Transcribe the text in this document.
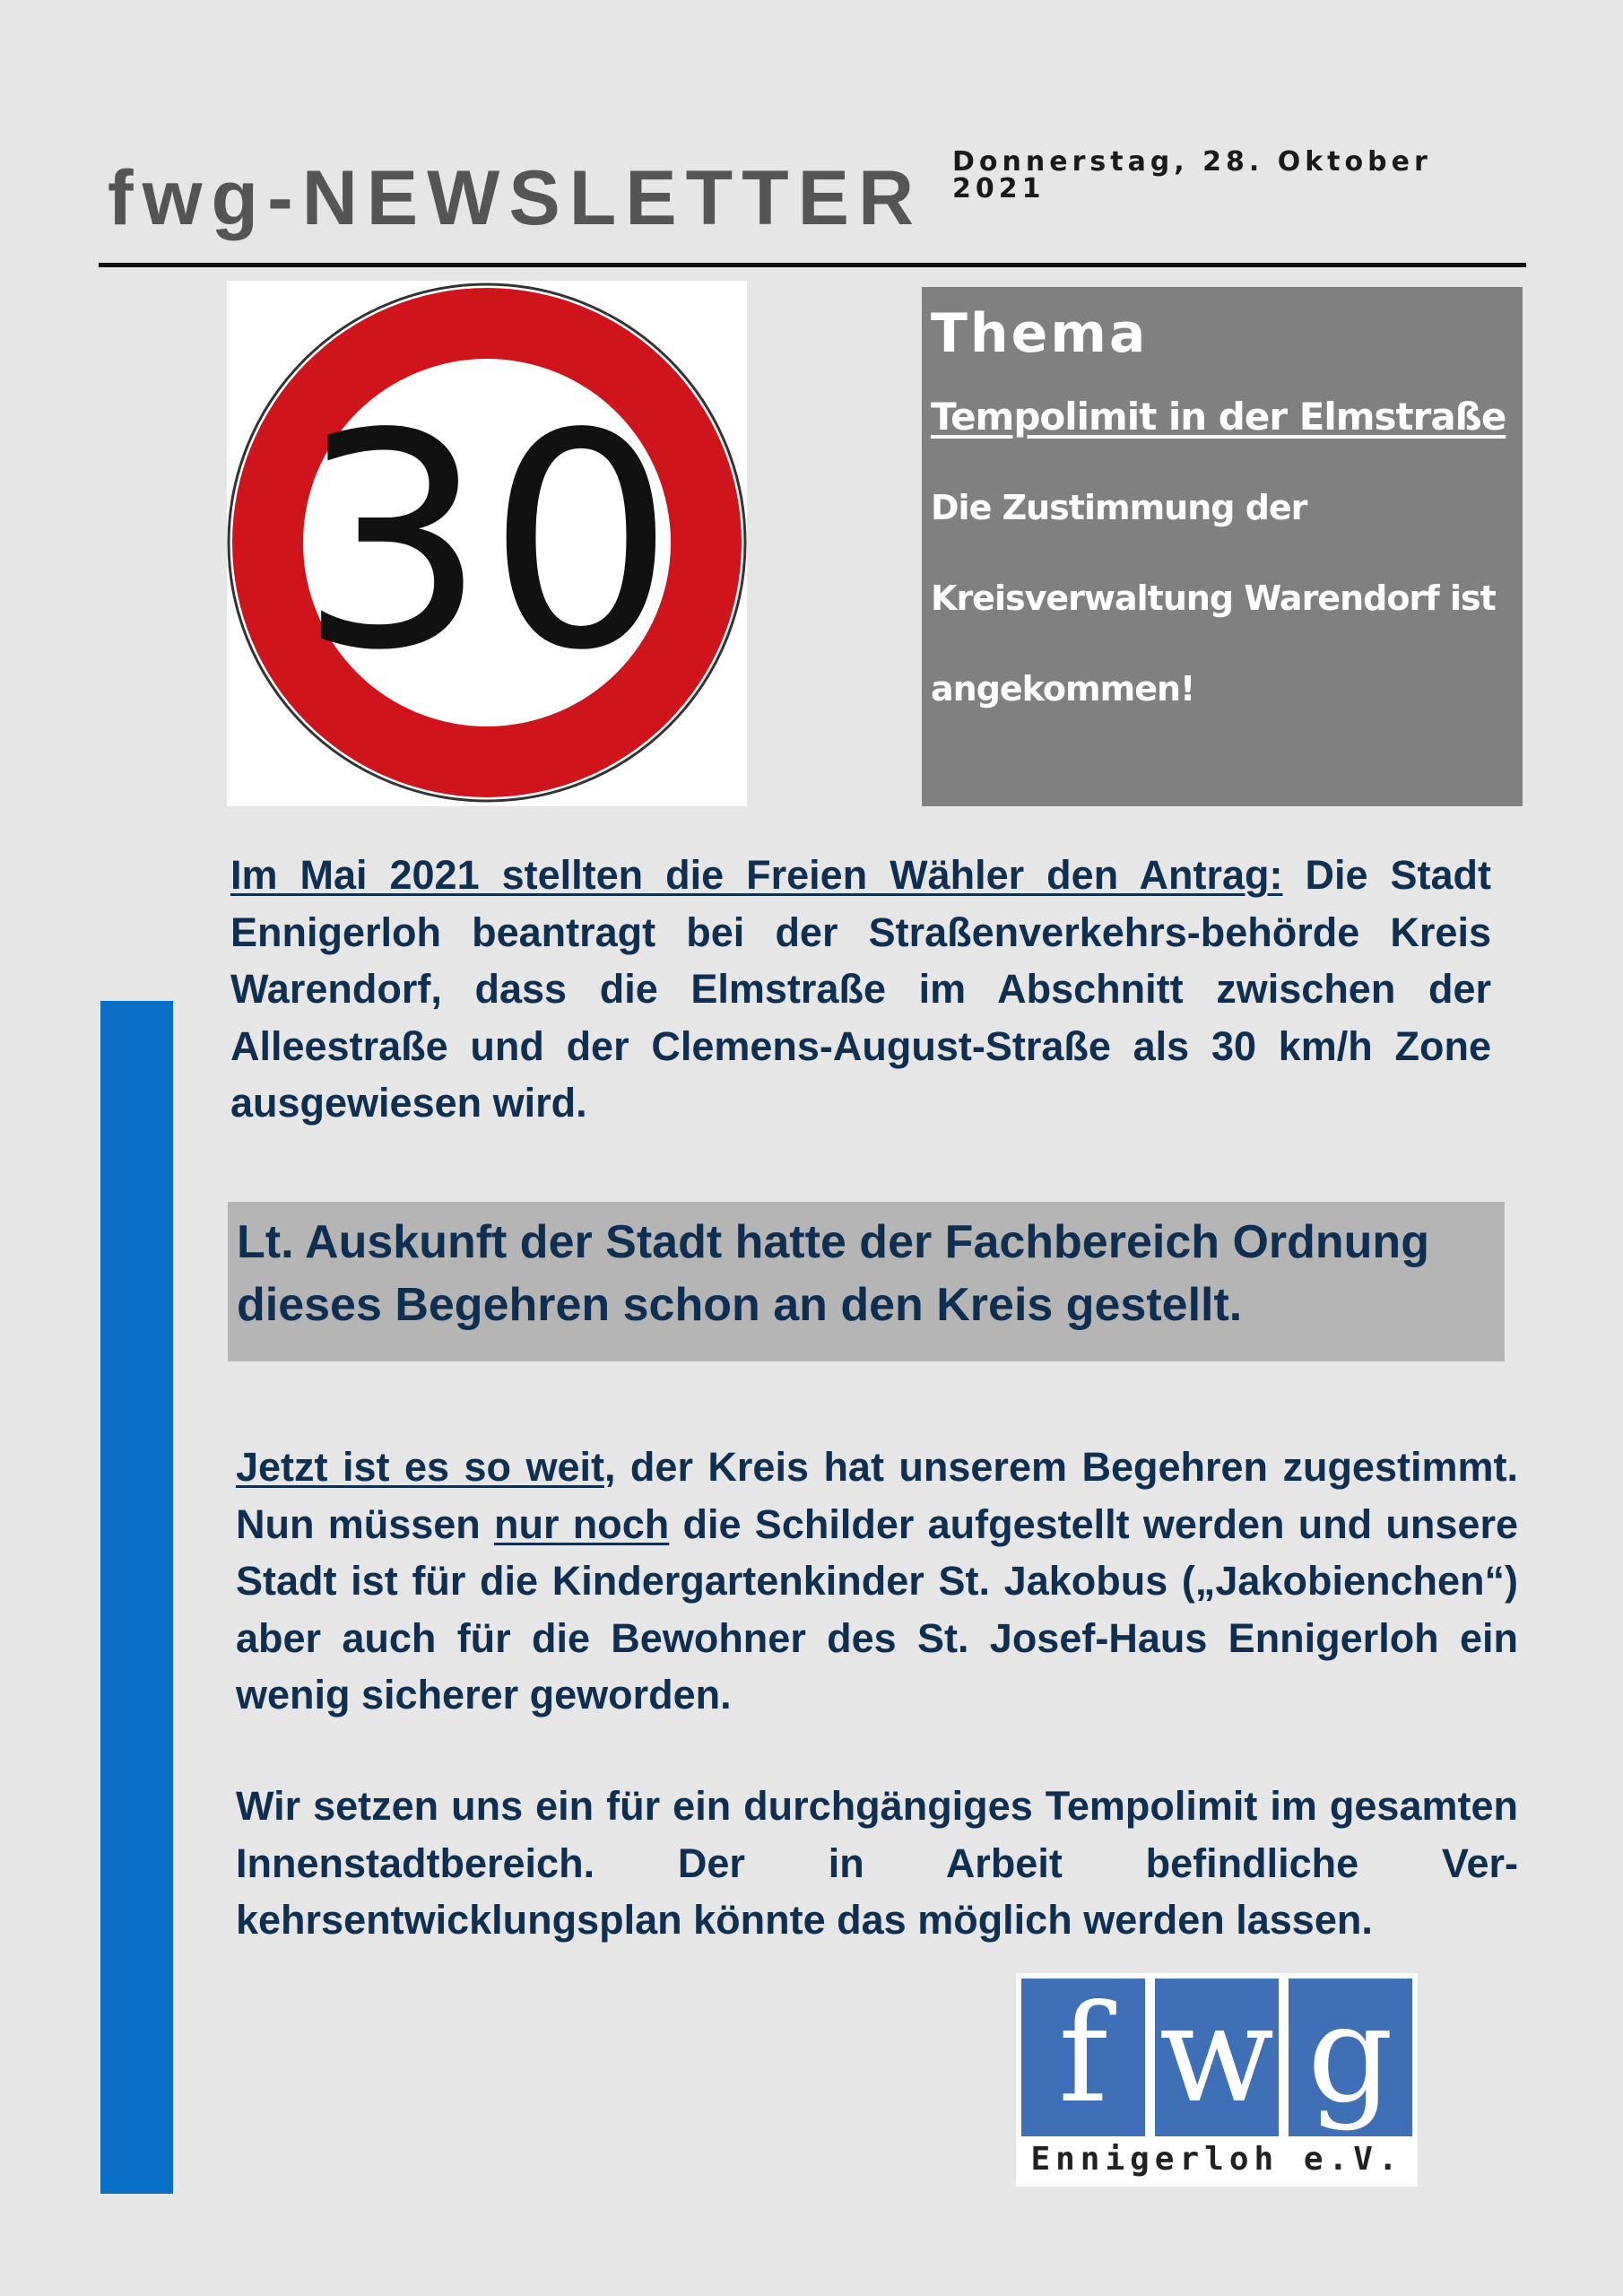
fwg-NEWSLETTER Donnerstag, 28. Oktober 2021
30

Thema

Tempolimit in der Elmstraße

Die Zustimmung der

Kreisverwaltung Warendorf ist

angekommen!

Im Mai 2021 stellten die Freien Wähler den Antrag: Die Stadt Ennigerloh beantragt bei der Straßenverkehrs-behörde Kreis Warendorf, dass die Elmstraße im Abschnitt zwischen der Alleestraße und der Clemens-August-Straße als 30 km/h Zone ausgewiesen wird.

Lt. Auskunft der Stadt hatte der Fachbereich Ordnung dieses Begehren schon an den Kreis gestellt.

Jetzt ist es so weit, der Kreis hat unserem Begehren zugestimmt. Nun müssen nur noch die Schilder aufgestellt werden und unsere Stadt ist für die Kindergartenkinder St. Jakobus („Jakobienchen“) aber auch für die Bewohner des St. Josef-Haus Ennigerloh ein wenig sicherer geworden.

Wir setzen uns ein für ein durchgängiges Tempolimit im gesamten Innenstadtbereich. Der in Arbeit befindliche Ver-kehrsentwicklungsplan könnte das möglich werden lassen.

f w g
Ennigerloh e.V.
